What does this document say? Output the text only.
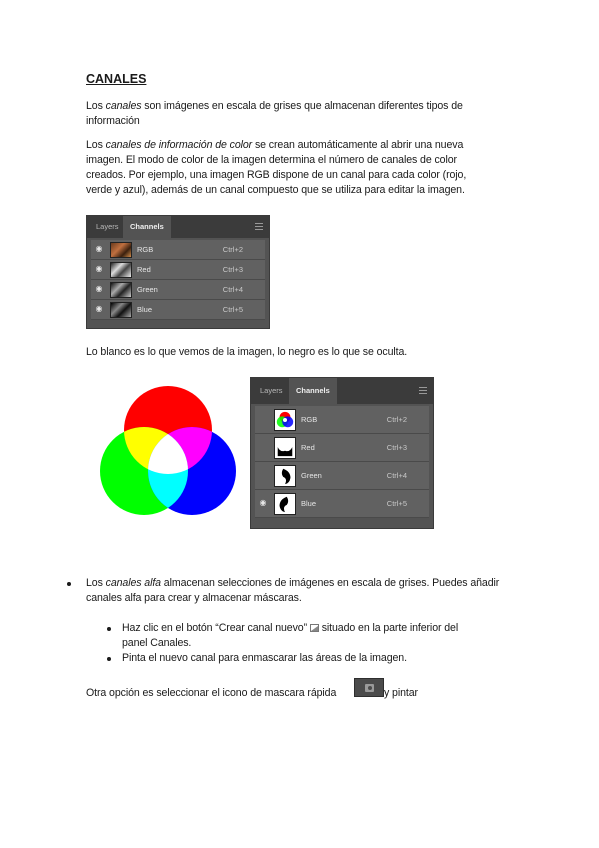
CANALES
Los canales son imágenes en escala de grises que almacenan diferentes tipos de
información
Los canales de información de color se crean automáticamente al abrir una nueva
imagen. El modo de color de la imagen determina el número de canales de color
creados. Por ejemplo, una imagen RGB dispone de un canal para cada color (rojo,
verde y azul), además de un canal compuesto que se utiliza para editar la imagen.
Layers	Channels
◉	RGB	Ctrl+2
◉	Red	Ctrl+3
◉	Green	Ctrl+4
◉	Blue	Ctrl+5
Lo blanco es lo que vemos de la imagen, lo negro es lo que se oculta.
Layers	Channels
RGB	Ctrl+2
Red	Ctrl+3
Green	Ctrl+4
◉	Blue	Ctrl+5
Los canales alfa almacenan selecciones de imágenes en escala de grises. Puedes añadir
canales alfa para crear y almacenar máscaras.
Haz clic en el botón “Crear canal nuevo”  situado en la parte inferior del
panel Canales.
Pinta el nuevo canal para enmascarar las áreas de la imagen.
Otra opción es seleccionar el icono de mascara rápida	y pintar
